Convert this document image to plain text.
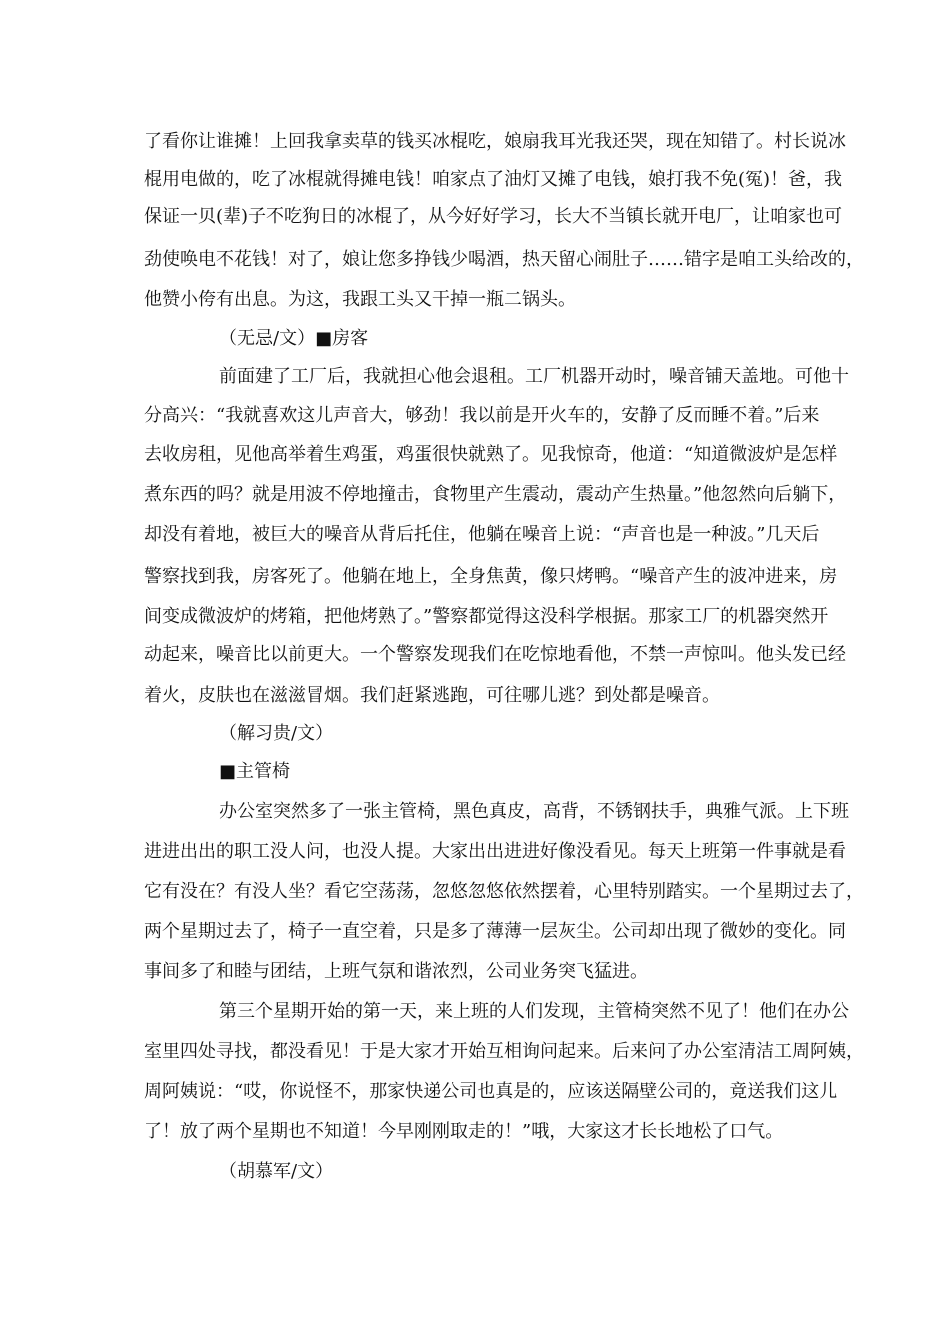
了看你让谁摊！上回我拿卖草的钱买冰棍吃，娘扇我耳光我还哭，现在知错了。村长说冰
棍用电做的，吃了冰棍就得摊电钱！咱家点了油灯又摊了电钱，娘打我不免(冤)！爸，我
保证一贝(辈)子不吃狗日的冰棍了，从今好好学习，长大不当镇长就开电厂，让咱家也可
劲使唤电不花钱！对了，娘让您多挣钱少喝酒，热天留心闹肚子……错字是咱工头给改的，
他赞小侉有出息。为这，我跟工头又干掉一瓶二锅头。
（无忌/文）■房客
前面建了工厂后，我就担心他会退租。工厂机器开动时，噪音铺天盖地。可他十
分高兴：“我就喜欢这儿声音大，够劲！我以前是开火车的，安静了反而睡不着。”后来
去收房租，见他高举着生鸡蛋，鸡蛋很快就熟了。见我惊奇，他道：“知道微波炉是怎样
煮东西的吗？就是用波不停地撞击，食物里产生震动，震动产生热量。”他忽然向后躺下，
却没有着地，被巨大的噪音从背后托住，他躺在噪音上说：“声音也是一种波。”几天后
警察找到我，房客死了。他躺在地上，全身焦黄，像只烤鸭。“噪音产生的波冲进来，房
间变成微波炉的烤箱，把他烤熟了。”警察都觉得这没科学根据。那家工厂的机器突然开
动起来，噪音比以前更大。一个警察发现我们在吃惊地看他，不禁一声惊叫。他头发已经
着火，皮肤也在滋滋冒烟。我们赶紧逃跑，可往哪儿逃？到处都是噪音。
（解习贵/文）
■主管椅
办公室突然多了一张主管椅，黑色真皮，高背，不锈钢扶手，典雅气派。上下班
进进出出的职工没人问，也没人提。大家出出进进好像没看见。每天上班第一件事就是看
它有没在？有没人坐？看它空荡荡，忽悠忽悠依然摆着，心里特别踏实。一个星期过去了，
两个星期过去了，椅子一直空着，只是多了薄薄一层灰尘。公司却出现了微妙的变化。同
事间多了和睦与团结，上班气氛和谐浓烈，公司业务突飞猛进。
第三个星期开始的第一天，来上班的人们发现，主管椅突然不见了！他们在办公
室里四处寻找，都没看见！于是大家才开始互相询问起来。后来问了办公室清洁工周阿姨，
周阿姨说：“哎，你说怪不，那家快递公司也真是的，应该送隔壁公司的，竟送我们这儿
了！放了两个星期也不知道！今早刚刚取走的！”哦，大家这才长长地松了口气。
（胡慕军/文）
